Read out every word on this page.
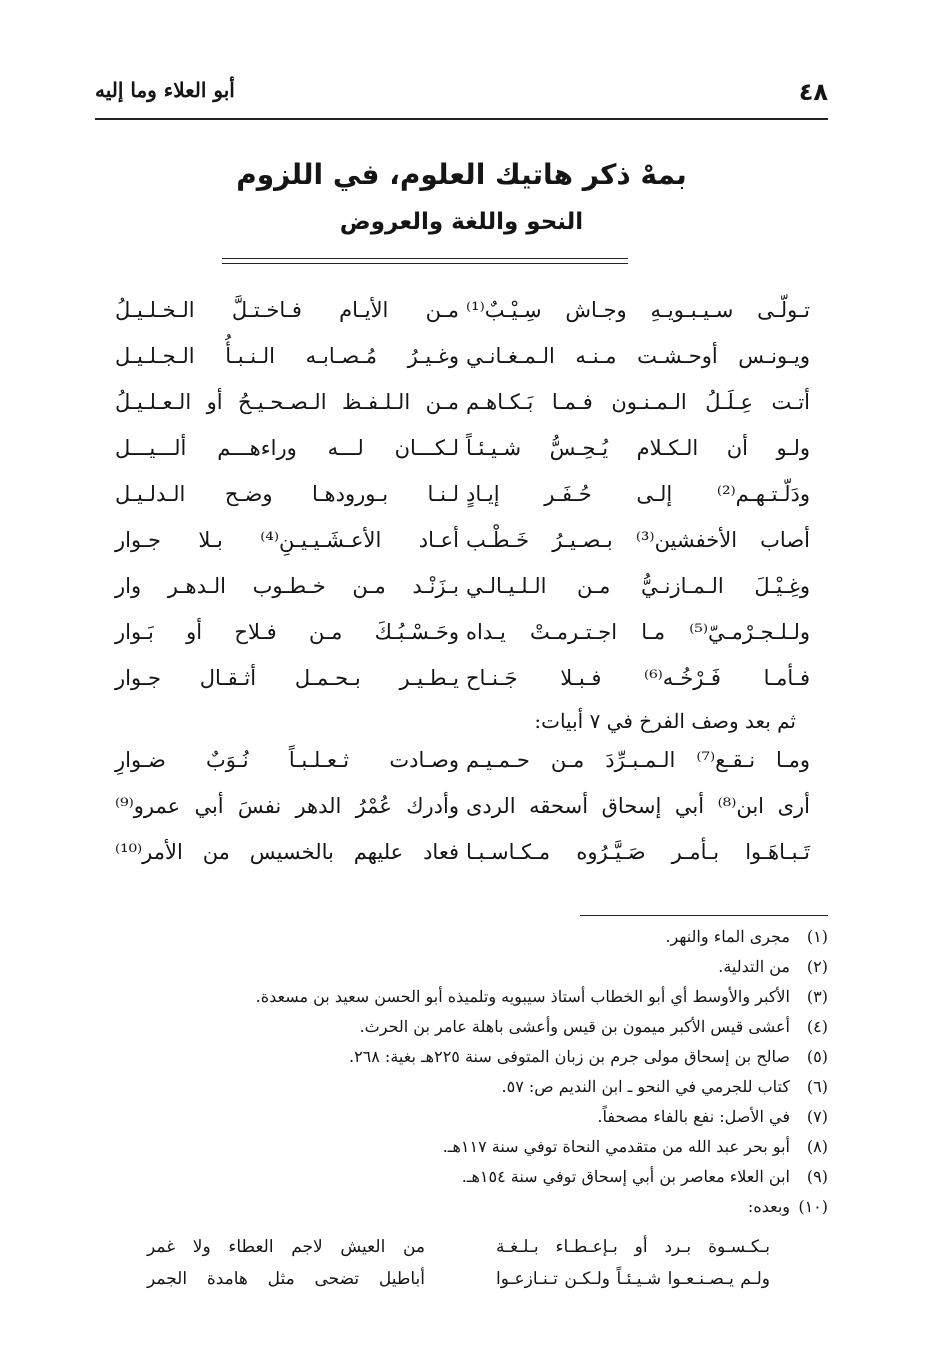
٤٨
أبو العلاء وما إليه
بمهْ ذكر هاتيك العلوم، في اللزوم
النحو واللغة والعروض
تـولّـى سـيـبـويـهِ وجـاش سِـيْـبٌ⁽¹⁾
مـن الأيـام فـاخـتـلَّ الـخـلـيـلُ
ويـونـس أوحـشـت مـنـه الـمـغـانـي
وغـيـرُ مُـصـابـه الـنـبـأُ الـجـلـيـل
أتـت عِـلَـلُ الـمـنـون فـمـا بَـكـاهـم
مـن الـلـفـظ الـصـحـيـحُ أو الـعـلـيـلُ
ولـو أن الـكـلام يُـحِـسُّ شـيـئـاً
لـكـــان لـــه وراءهـــم ألـــيـــل
ودَلّـتـهـم⁽²⁾ إلـى حُـفَـر إيـادٍ
لـنـا بـورودهـا وضـح الـدلـيـل
أصاب الأخفشين⁽³⁾ بـصـيـرُ خَـطْـب
أعـاد الأعـشَـيـيـنِ⁽⁴⁾ بـلا جـوار
وغِـيْـلَ الـمـازنـيُّ مـن الـلـيـالـي
بـزَنْـد مـن خـطـوب الـدهـر وار
ولـلـجـرْمـيّ⁽⁵⁾ مـا اجـتـرمـتْ يـداه
وحَـسْـبُـكَ مـن فـلاح أو بَـوار
فـأمـا فَـرْخُـه⁽⁶⁾ فـبـلا جَـنـاح
يـطـيـر بـحـمـل أثـقـال جـوار
ثم بعد وصف الفرخ في ٧ أبيات:
ومـا نـقـع⁽⁷⁾ الـمـبـرِّدَ مـن حـمـيـم
وصـادت ثـعـلـبـاً نُـوَبٌ ضـوارِ
أرى ابن⁽⁸⁾ أبي إسحاق أسحقه الردى
وأدرك عُمْرُ الدهر نفسَ أبي عمرو⁽⁹⁾
تَـبـاهَـوا بـأمـر صَـيَّـرُوه مـكـاسـبـا
فعاد عليهم بالخسيس من الأمر⁽¹⁰⁾
(١)مجرى الماء والنهر.
(٢)من التدلية.
(٣)الأكبر والأوسط أي أبو الخطاب أستاذ سيبويه وتلميذه أبو الحسن سعيد بن مسعدة.
(٤)أعشى قيس الأكبر ميمون بن قيس وأعشى باهلة عامر بن الحرث.
(٥)صالح بن إسحاق مولى جرم بن زبان المتوفى سنة ٢٢٥هـ بغية: ٢٦٨.
(٦)كتاب للجرمي في النحو ـ ابن النديم ص: ٥٧.
(٧)في الأصل: نفع بالفاء مصحفاً.
(٨)أبو بحر عبد الله من متقدمي النحاة توفي سنة ١١٧هـ.
(٩)ابن العلاء معاصر بن أبي إسحاق توفي سنة ١٥٤هـ.
(١٠)وبعده:
بـكـسـوة بـرد أو بـإعـطـاء بـلـغـة
من العيش لاجم العطاء ولا غمر
ولـم يـصـنـعـوا شـيـئـاً ولـكـن تـنـازعـوا
أباطيل تضحى مثل هامدة الجمر
